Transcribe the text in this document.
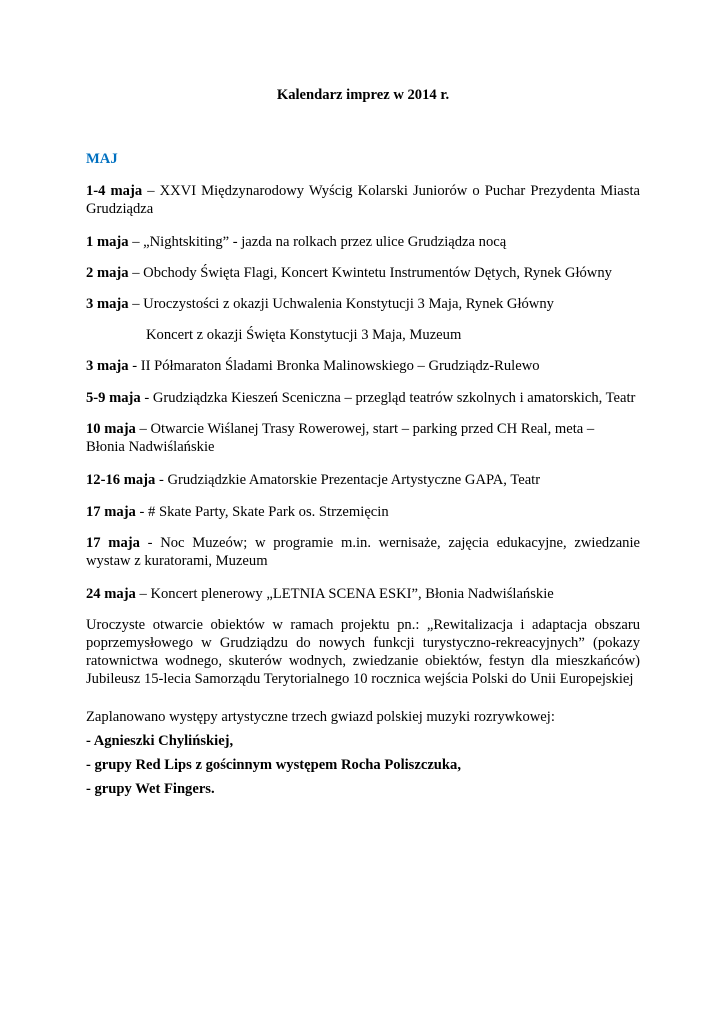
Kalendarz imprez w 2014 r.
MAJ

1-4 maja – XXVI Międzynarodowy Wyścig Kolarski Juniorów o Puchar Prezydenta Miasta Grudziądza

1 maja – „Nightskiting” - jazda na rolkach przez ulice Grudziądza nocą

2 maja – Obchody Święta Flagi, Koncert Kwintetu Instrumentów Dętych, Rynek Główny

3 maja – Uroczystości z okazji Uchwalenia Konstytucji 3 Maja, Rynek Główny

Koncert z okazji Święta Konstytucji 3 Maja, Muzeum

3 maja - II Półmaraton Śladami Bronka Malinowskiego – Grudziądz-Rulewo

5-9 maja - Grudziądzka Kieszeń Sceniczna – przegląd teatrów szkolnych i amatorskich, Teatr

10 maja – Otwarcie Wiślanej Trasy Rowerowej, start – parking przed CH Real, meta – Błonia Nadwiślańskie

12-16 maja - Grudziądzkie Amatorskie Prezentacje Artystyczne GAPA, Teatr

17 maja - # Skate Party, Skate Park os. Strzemięcin

17 maja - Noc Muzeów; w programie m.in. wernisaże, zajęcia edukacyjne, zwiedzanie wystaw z kuratorami, Muzeum

24 maja – Koncert plenerowy „LETNIA SCENA ESKI”, Błonia Nadwiślańskie

Uroczyste otwarcie obiektów w ramach projektu pn.: „Rewitalizacja i adaptacja obszaru poprzemysłowego w Grudziądzu do nowych funkcji turystyczno-rekreacyjnych” (pokazy ratownictwa wodnego, skuterów wodnych, zwiedzanie obiektów, festyn dla mieszkańców) Jubileusz 15-lecia Samorządu Terytorialnego 10 rocznica wejścia Polski do Unii Europejskiej

Zaplanowano występy artystyczne trzech gwiazd polskiej muzyki rozrywkowej:

- Agnieszki Chylińskiej,

- grupy Red Lips z gościnnym występem Rocha Poliszczuka,

- grupy Wet Fingers.
